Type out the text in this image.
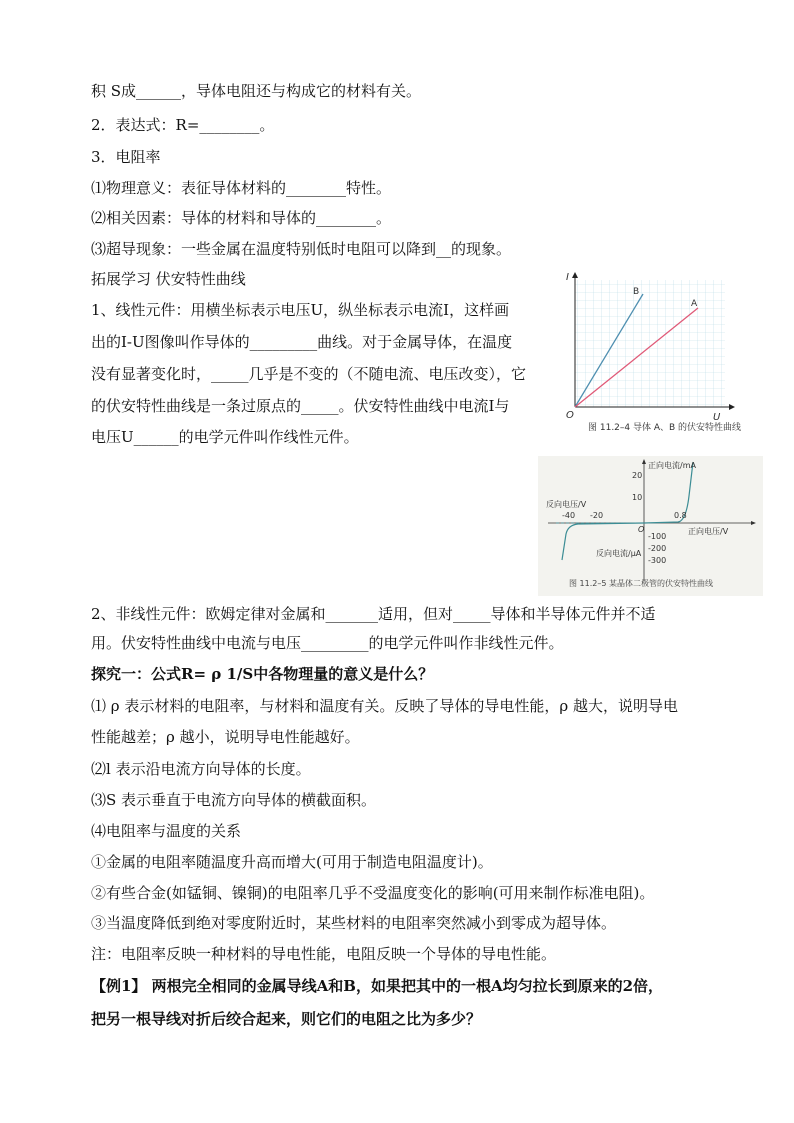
积 S成______，导体电阻还与构成它的材料有关。
2．表达式：R=________。
3．电阻率
⑴物理意义：表征导体材料的________特性。
⑵相关因素：导体的材料和导体的________。
⑶超导现象：一些金属在温度特别低时电阻可以降到__的现象。
拓展学习 伏安特性曲线
1、线性元件：用横坐标表示电压U，纵坐标表示电流I，这样画
出的I-U图像叫作导体的_________曲线。对于金属导体，在温度
没有显著变化时，_____几乎是不变的（不随电流、电压改变），它
的伏安特性曲线是一条过原点的_____。伏安特性曲线中电流I与
电压U______的电学元件叫作线性元件。
2、非线性元件：欧姆定律对金属和_______适用，但对_____导体和半导体元件并不适
用。伏安特性曲线中电流与电压_________的电学元件叫作非线性元件。
探究一：公式R= ρ 1/S中各物理量的意义是什么？
⑴ ρ 表示材料的电阻率，与材料和温度有关。反映了导体的导电性能，ρ 越大，说明导电
性能越差；ρ 越小，说明导电性能越好。
⑵l 表示沿电流方向导体的长度。
⑶S 表示垂直于电流方向导体的横截面积。
⑷电阻率与温度的关系
①金属的电阻率随温度升高而增大(可用于制造电阻温度计)。
②有些合金(如锰铜、镍铜)的电阻率几乎不受温度变化的影响(可用来制作标准电阻)。
③当温度降低到绝对零度附近时，某些材料的电阻率突然减小到零成为超导体。
注：电阻率反映一种材料的导电性能，电阻反映一个导体的导电性能。
【例1】 两根完全相同的金属导线A和B，如果把其中的一根A均匀拉长到原来的2倍，
把另一根导线对折后绞合起来，则它们的电阻之比为多少？
I
U
O
B
A
图 11.2–4 导体 A、B 的伏安特性曲线
正向电流/mA
20
10
反向电压/V
-40 -20
O
0.8
正向电压/V
-100
-200
-300
反向电流/μA
图 11.2–5 某晶体二极管的伏安特性曲线
